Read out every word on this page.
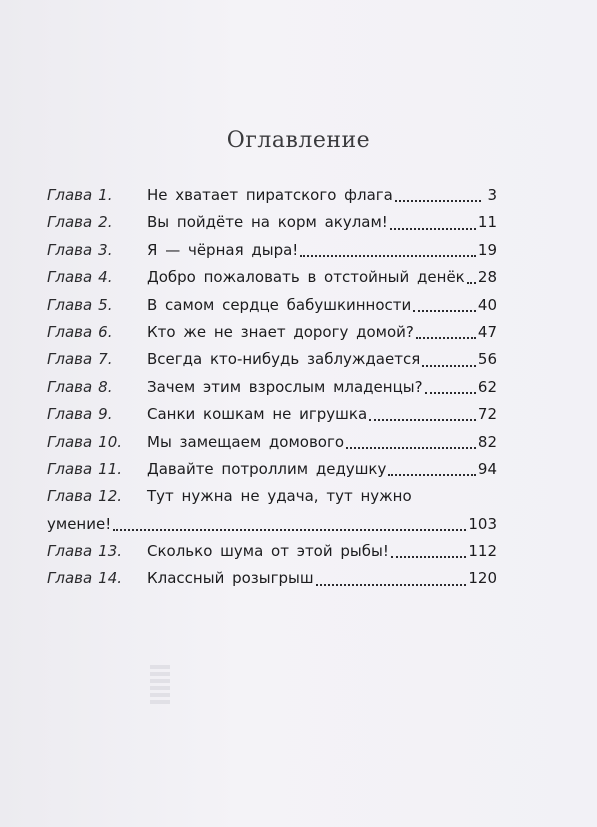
Оглавление
Глава 1.	Не хватает пиратского флага	3
Глава 2.	Вы пойдёте на корм акулам!	11
Глава 3.	Я — чёрная дыра!	19
Глава 4.	Добро пожаловать в отстойный денёк 28
Глава 5.	В самом сердце бабушкинности	40
Глава 6.	Кто же не знает дорогу домой?	47
Глава 7.	Всегда кто-нибудь заблуждается	56
Глава 8.	Зачем этим взрослым младенцы?	62
Глава 9.	Санки кошкам не игрушка	72
Глава 10.	Мы замещаем домового	82
Глава 11.	Давайте потроллим дедушку	94
Глава 12.	Тут нужна не удача, тут нужно
умение!	103
Глава 13.	Сколько шума от этой рыбы!	112
Глава 14.	Классный розыгрыш	120
